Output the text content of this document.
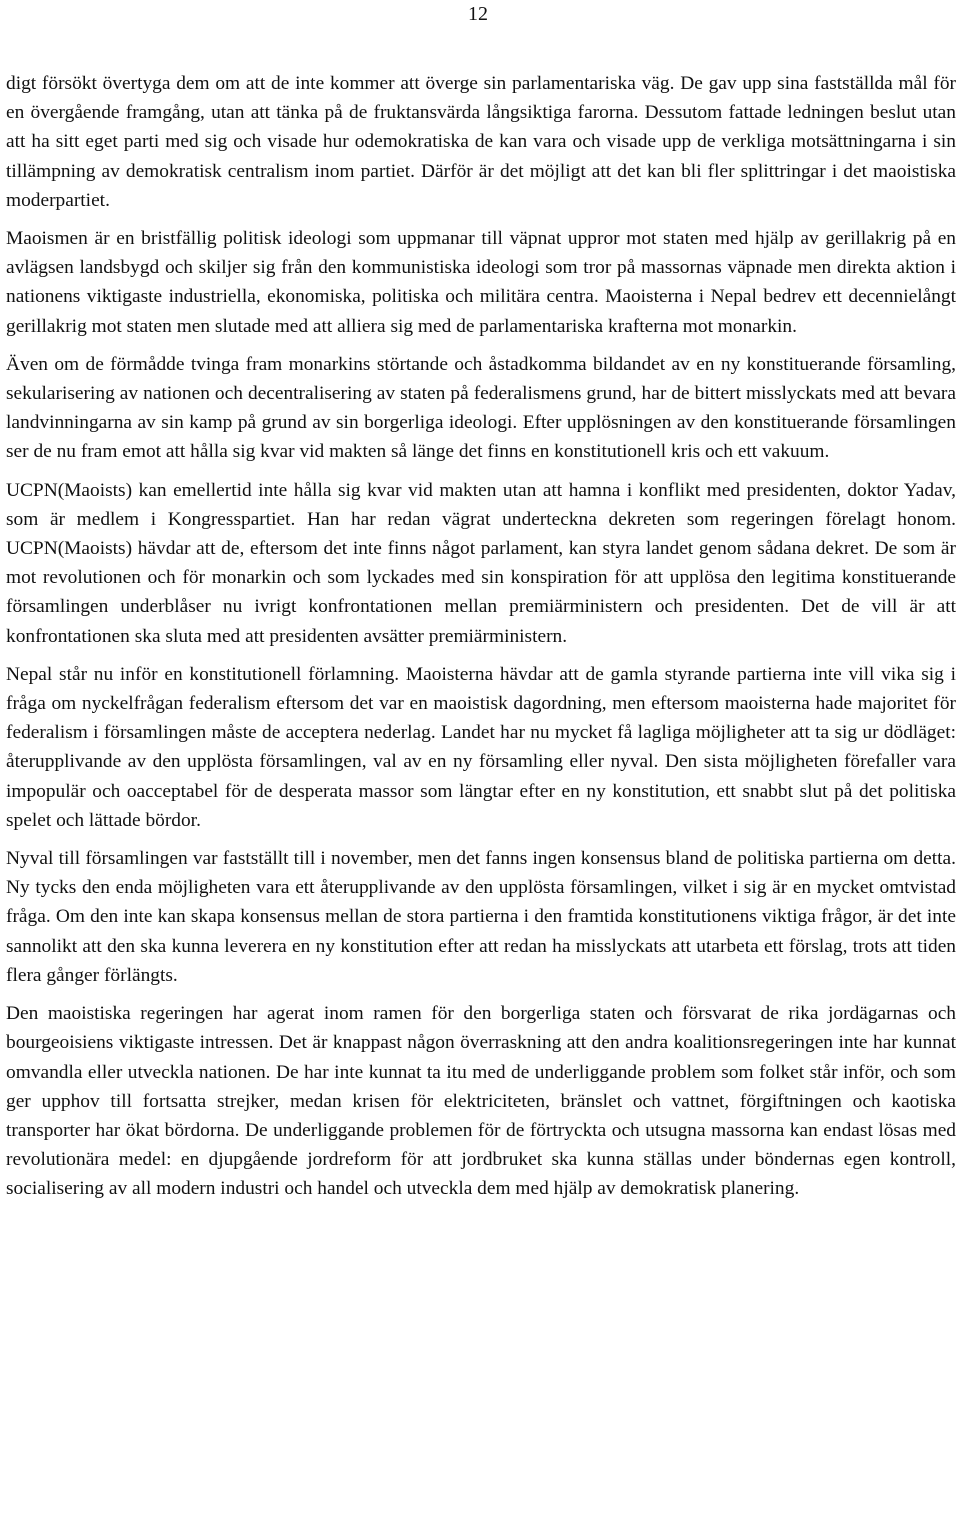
12

digt försökt övertyga dem om att de inte kommer att överge sin parlamentariska väg. De gav upp sina fastställda mål för en övergående framgång, utan att tänka på de fruktansvärda långsiktiga farorna. Dessutom fattade ledningen beslut utan att ha sitt eget parti med sig och visade hur odemokratiska de kan vara och visade upp de verkliga motsättningarna i sin tillämpning av demokratisk centralism inom partiet. Därför är det möjligt att det kan bli fler splittringar i det maoistiska moderpartiet.

Maoismen är en bristfällig politisk ideologi som uppmanar till väpnat uppror mot staten med hjälp av gerillakrig på en avlägsen landsbygd och skiljer sig från den kommunistiska ideologi som tror på massornas väpnade men direkta aktion i nationens viktigaste industriella, ekonomiska, politiska och militära centra. Maoisterna i Nepal bedrev ett decennielångt gerillakrig mot staten men slutade med att alliera sig med de parlamentariska krafterna mot monarkin.

Även om de förmådde tvinga fram monarkins störtande och åstadkomma bildandet av en ny konstituerande församling, sekularisering av nationen och decentralisering av staten på federalismens grund, har de bittert misslyckats med att bevara landvinningarna av sin kamp på grund av sin borgerliga ideologi. Efter upplösningen av den konstituerande församlingen ser de nu fram emot att hålla sig kvar vid makten så länge det finns en konstitutionell kris och ett vakuum.

UCPN(Maoists) kan emellertid inte hålla sig kvar vid makten utan att hamna i konflikt med presidenten, doktor Yadav, som är medlem i Kongresspartiet. Han har redan vägrat underteckna dekreten som regeringen förelagt honom. UCPN(Maoists) hävdar att de, eftersom det inte finns något parlament, kan styra landet genom sådana dekret. De som är mot revolutionen och för monarkin och som lyckades med sin konspiration för att upplösa den legitima konstituerande församlingen underblåser nu ivrigt konfrontationen mellan premiärministern och presidenten. Det de vill är att konfrontationen ska sluta med att presidenten avsätter premiärministern.

Nepal står nu inför en konstitutionell förlamning. Maoisterna hävdar att de gamla styrande partierna inte vill vika sig i fråga om nyckelfrågan federalism eftersom det var en maoistisk dagordning, men eftersom maoisterna hade majoritet för federalism i församlingen måste de acceptera nederlag. Landet har nu mycket få lagliga möjligheter att ta sig ur dödläget: återupplivande av den upplösta församlingen, val av en ny församling eller nyval. Den sista möjligheten förefaller vara impopulär och oacceptabel för de desperata massor som längtar efter en ny konstitution, ett snabbt slut på det politiska spelet och lättade bördor.

Nyval till församlingen var fastställt till i november, men det fanns ingen konsensus bland de politiska partierna om detta. Ny tycks den enda möjligheten vara ett återupplivande av den upplösta församlingen, vilket i sig är en mycket omtvistad fråga. Om den inte kan skapa konsensus mellan de stora partierna i den framtida konstitutionens viktiga frågor, är det inte sannolikt att den ska kunna leverera en ny konstitution efter att redan ha misslyckats att utarbeta ett förslag, trots att tiden flera gånger förlängts.

Den maoistiska regeringen har agerat inom ramen för den borgerliga staten och försvarat de rika jordägarnas och bourgeoisiens viktigaste intressen. Det är knappast någon överraskning att den andra koalitionsregeringen inte har kunnat omvandla eller utveckla nationen. De har inte kunnat ta itu med de underliggande problem som folket står inför, och som ger upphov till fortsatta strejker, medan krisen för elektriciteten, bränslet och vattnet, förgiftningen och kaotiska transporter har ökat bördorna. De underliggande problemen för de förtryckta och utsugna massorna kan endast lösas med revolutionära medel: en djupgående jordreform för att jordbruket ska kunna ställas under böndernas egen kontroll, socialisering av all modern industri och handel och utveckla dem med hjälp av demokratisk planering.
